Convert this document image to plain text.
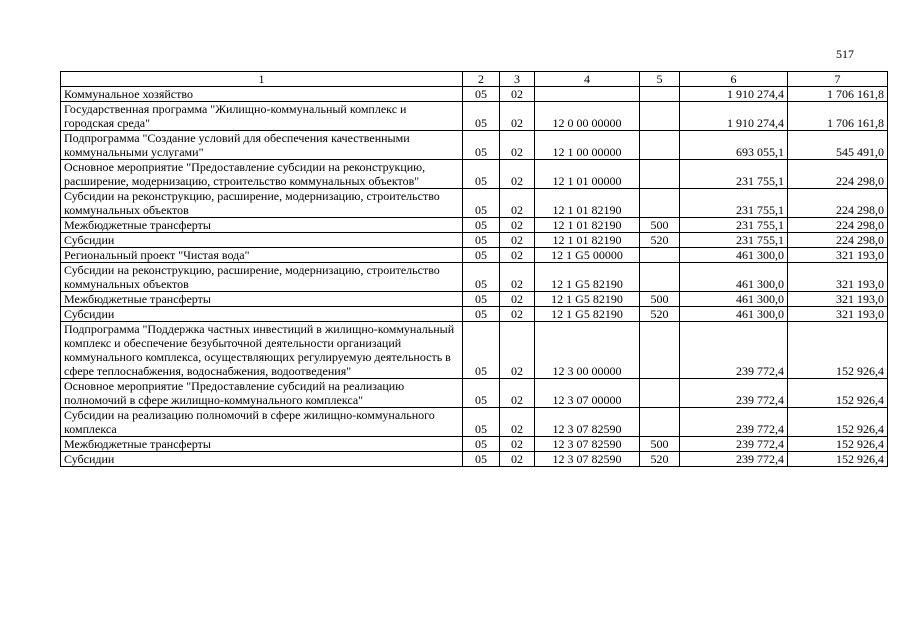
517
1	2	3	4	5	6	7
Коммунальное хозяйство	05	02			1 910 274,4	1 706 161,8
Государственная программа "Жилищно-коммунальный комплекс и городская среда"	05	02	12 0 00 00000		1 910 274,4	1 706 161,8
Подпрограмма "Создание условий для обеспечения качественными коммунальными услугами"	05	02	12 1 00 00000		693 055,1	545 491,0
Основное мероприятие "Предоставление субсидии на реконструкцию, расширение, модернизацию, строительство коммунальных объектов"	05	02	12 1 01 00000		231 755,1	224 298,0
Субсидии на реконструкцию, расширение, модернизацию, строительство коммунальных объектов	05	02	12 1 01 82190		231 755,1	224 298,0
Межбюджетные трансферты	05	02	12 1 01 82190	500	231 755,1	224 298,0
Субсидии	05	02	12 1 01 82190	520	231 755,1	224 298,0
Региональный проект "Чистая вода"	05	02	12 1 G5 00000		461 300,0	321 193,0
Субсидии на реконструкцию, расширение, модернизацию, строительство коммунальных объектов	05	02	12 1 G5 82190		461 300,0	321 193,0
Межбюджетные трансферты	05	02	12 1 G5 82190	500	461 300,0	321 193,0
Субсидии	05	02	12 1 G5 82190	520	461 300,0	321 193,0
Подпрограмма "Поддержка частных инвестиций в жилищно-коммунальный комплекс и обеспечение безубыточной деятельности организаций коммунального комплекса, осуществляющих регулируемую деятельность в сфере теплоснабжения, водоснабжения, водоотведения"	05	02	12 3 00 00000		239 772,4	152 926,4
Основное мероприятие "Предоставление субсидий на реализацию полномочий в сфере жилищно-коммунального комплекса"	05	02	12 3 07 00000		239 772,4	152 926,4
Субсидии на реализацию полномочий в сфере жилищно-коммунального комплекса	05	02	12 3 07 82590		239 772,4	152 926,4
Межбюджетные трансферты	05	02	12 3 07 82590	500	239 772,4	152 926,4
Субсидии	05	02	12 3 07 82590	520	239 772,4	152 926,4
